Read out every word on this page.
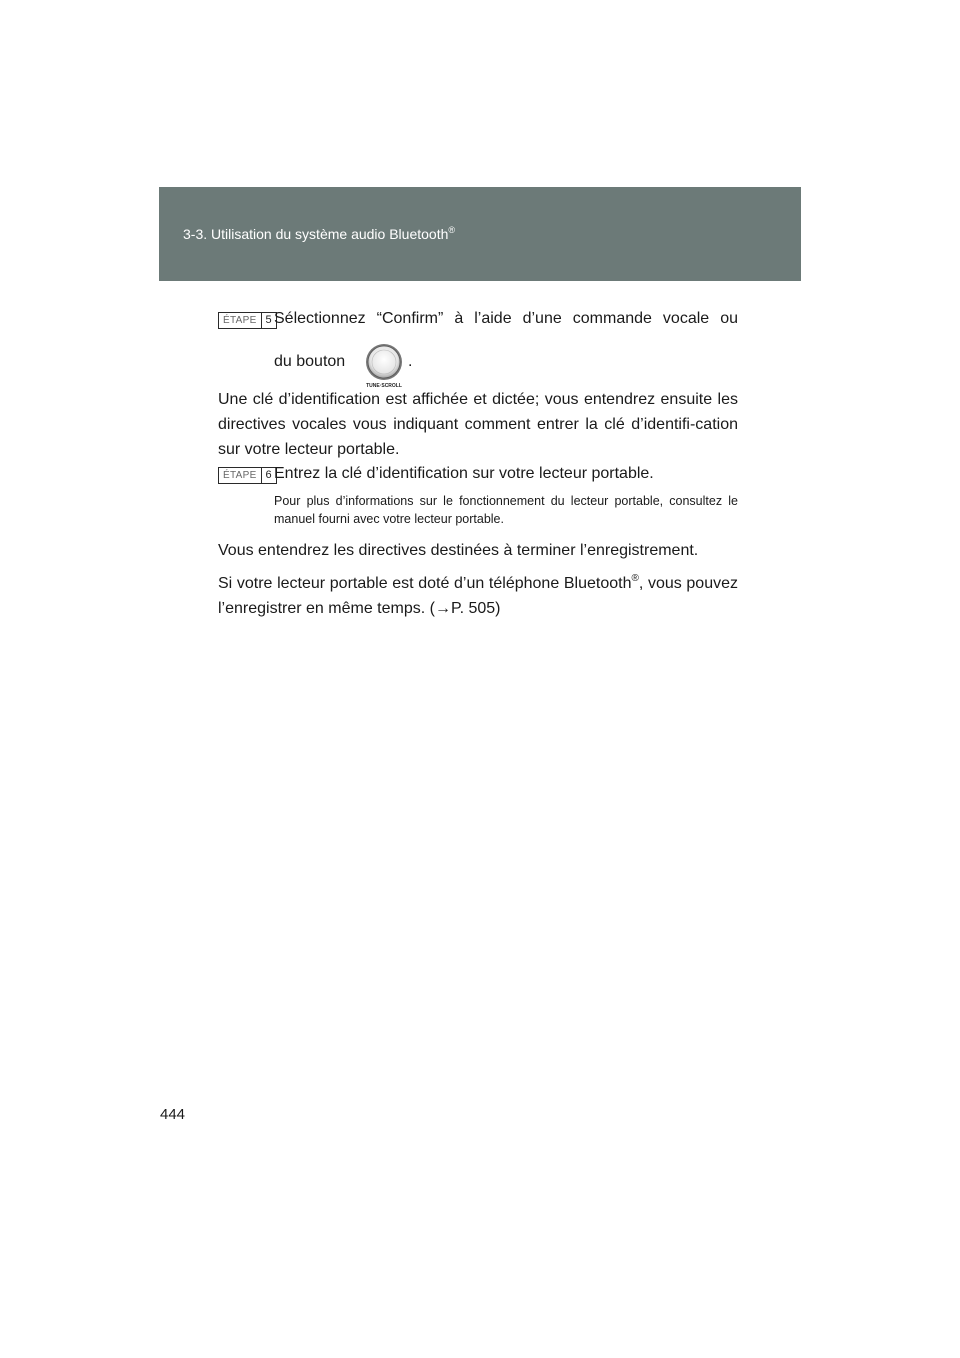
3-3. Utilisation du système audio Bluetooth®
ÉTAPE 5 Sélectionnez “Confirm” à l’aide d’une commande vocale ou
du bouton
TUNE·SCROLL
.

Une clé d’identification est affichée et dictée; vous entendrez ensuite les directives vocales vous indiquant comment entrer la clé d’identifi-cation sur votre lecteur portable.

ÉTAPE 6 Entrez la clé d’identification sur votre lecteur portable.

Pour plus d’informations sur le fonctionnement du lecteur portable, consultez le manuel fourni avec votre lecteur portable.

Vous entendrez les directives destinées à terminer l’enregistrement.

Si votre lecteur portable est doté d’un téléphone Bluetooth®, vous pouvez l’enregistrer en même temps. (→P. 505)

444
